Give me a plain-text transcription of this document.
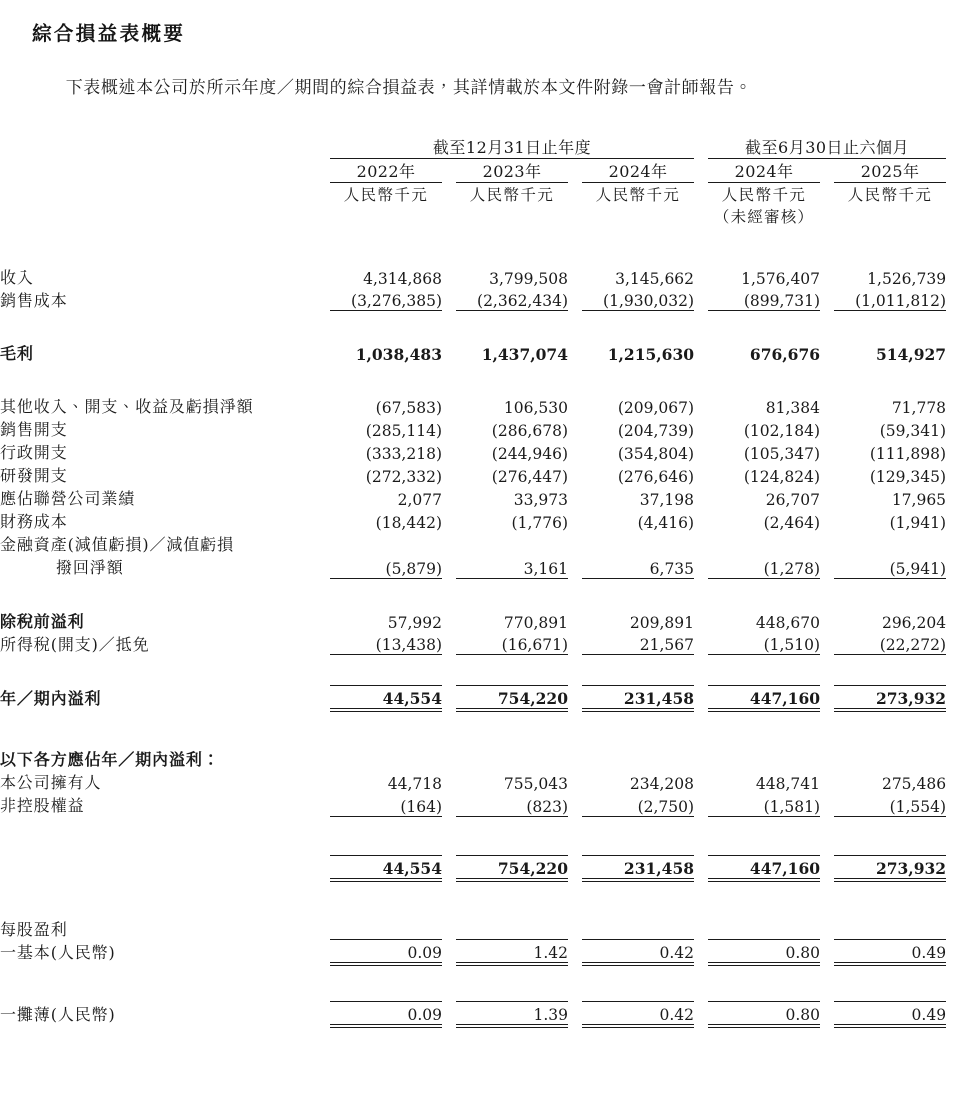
綜合損益表概要

下表概述本公司於所示年度／期間的綜合損益表，其詳情載於本文件附錄一會計師報告。

	截至12月31日止年度						截至6月30日止六個月			
	2022年		2023年		2024年		2024年		2025年	
	人民幣千元		人民幣千元		人民幣千元		人民幣千元		人民幣千元	
							（未經審核）			

收入	4,314,868		3,799,508		3,145,662		1,576,407		1,526,739	
銷售成本	(3,276,385)		(2,362,434)		(1,930,032)		(899,731)		(1,011,812)	

毛利	1,038,483		1,437,074		1,215,630		676,676		514,927	

其他收入、開支、收益及虧損淨額	(67,583)		106,530		(209,067)		81,384		71,778	
銷售開支	(285,114)		(286,678)		(204,739)		(102,184)		(59,341)	
行政開支	(333,218)		(244,946)		(354,804)		(105,347)		(111,898)	
研發開支	(272,332)		(276,447)		(276,646)		(124,824)		(129,345)	
應佔聯營公司業績	2,077		33,973		37,198		26,707		17,965	
財務成本	(18,442)		(1,776)		(4,416)		(2,464)		(1,941)	
金融資產(減值虧損)／減值虧損										
撥回淨額	(5,879)		3,161		6,735		(1,278)		(5,941)	

除稅前溢利	57,992		770,891		209,891		448,670		296,204	
所得稅(開支)／抵免	(13,438)		(16,671)		21,567		(1,510)		(22,272)	

年／期內溢利	44,554		754,220		231,458		447,160		273,932	

以下各方應佔年／期內溢利：										
本公司擁有人	44,718		755,043		234,208		448,741		275,486	
非控股權益	(164)		(823)		(2,750)		(1,581)		(1,554)	

	44,554		754,220		231,458		447,160		273,932	

每股盈利										
一基本(人民幣)	0.09		1.42		0.42		0.80		0.49	

一攤薄(人民幣)	0.09		1.39		0.42		0.80		0.49	
